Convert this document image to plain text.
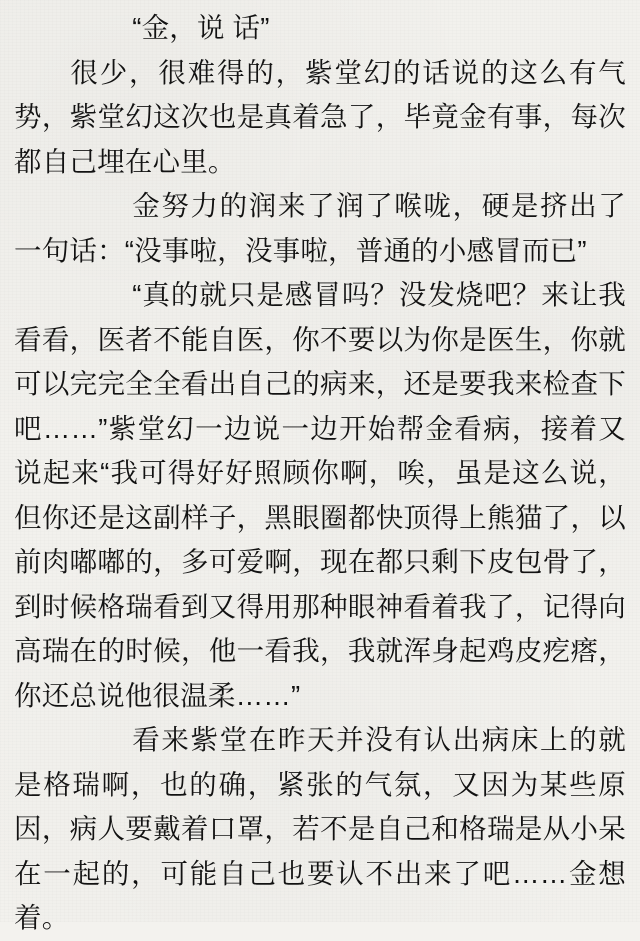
“金，说 话”

很少，很难得的，紫堂幻的话说的这么有气势，紫堂幻这次也是真着急了，毕竟金有事，每次都自己埋在心里。

金努力的润来了润了喉咙，硬是挤出了一句话：“没事啦，没事啦，普通的小感冒而已”

“真的就只是感冒吗？没发烧吧？来让我看看，医者不能自医，你不要以为你是医生，你就可以完完全全看出自己的病来，还是要我来检查下吧……”紫堂幻一边说一边开始帮金看病，接着又说起来“我可得好好照顾你啊，唉，虽是这么说，但你还是这副样子，黑眼圈都快顶得上熊猫了，以前肉嘟嘟的，多可爱啊，现在都只剩下皮包骨了，到时候格瑞看到又得用那种眼神看着我了，记得向高瑞在的时候，他一看我，我就浑身起鸡皮疙瘩，你还总说他很温柔……”

看来紫堂在昨天并没有认出病床上的就是格瑞啊，也的确，紧张的气氛，又因为某些原因，病人要戴着口罩，若不是自己和格瑞是从小呆在一起的，可能自己也要认不出来了吧……金想着。
